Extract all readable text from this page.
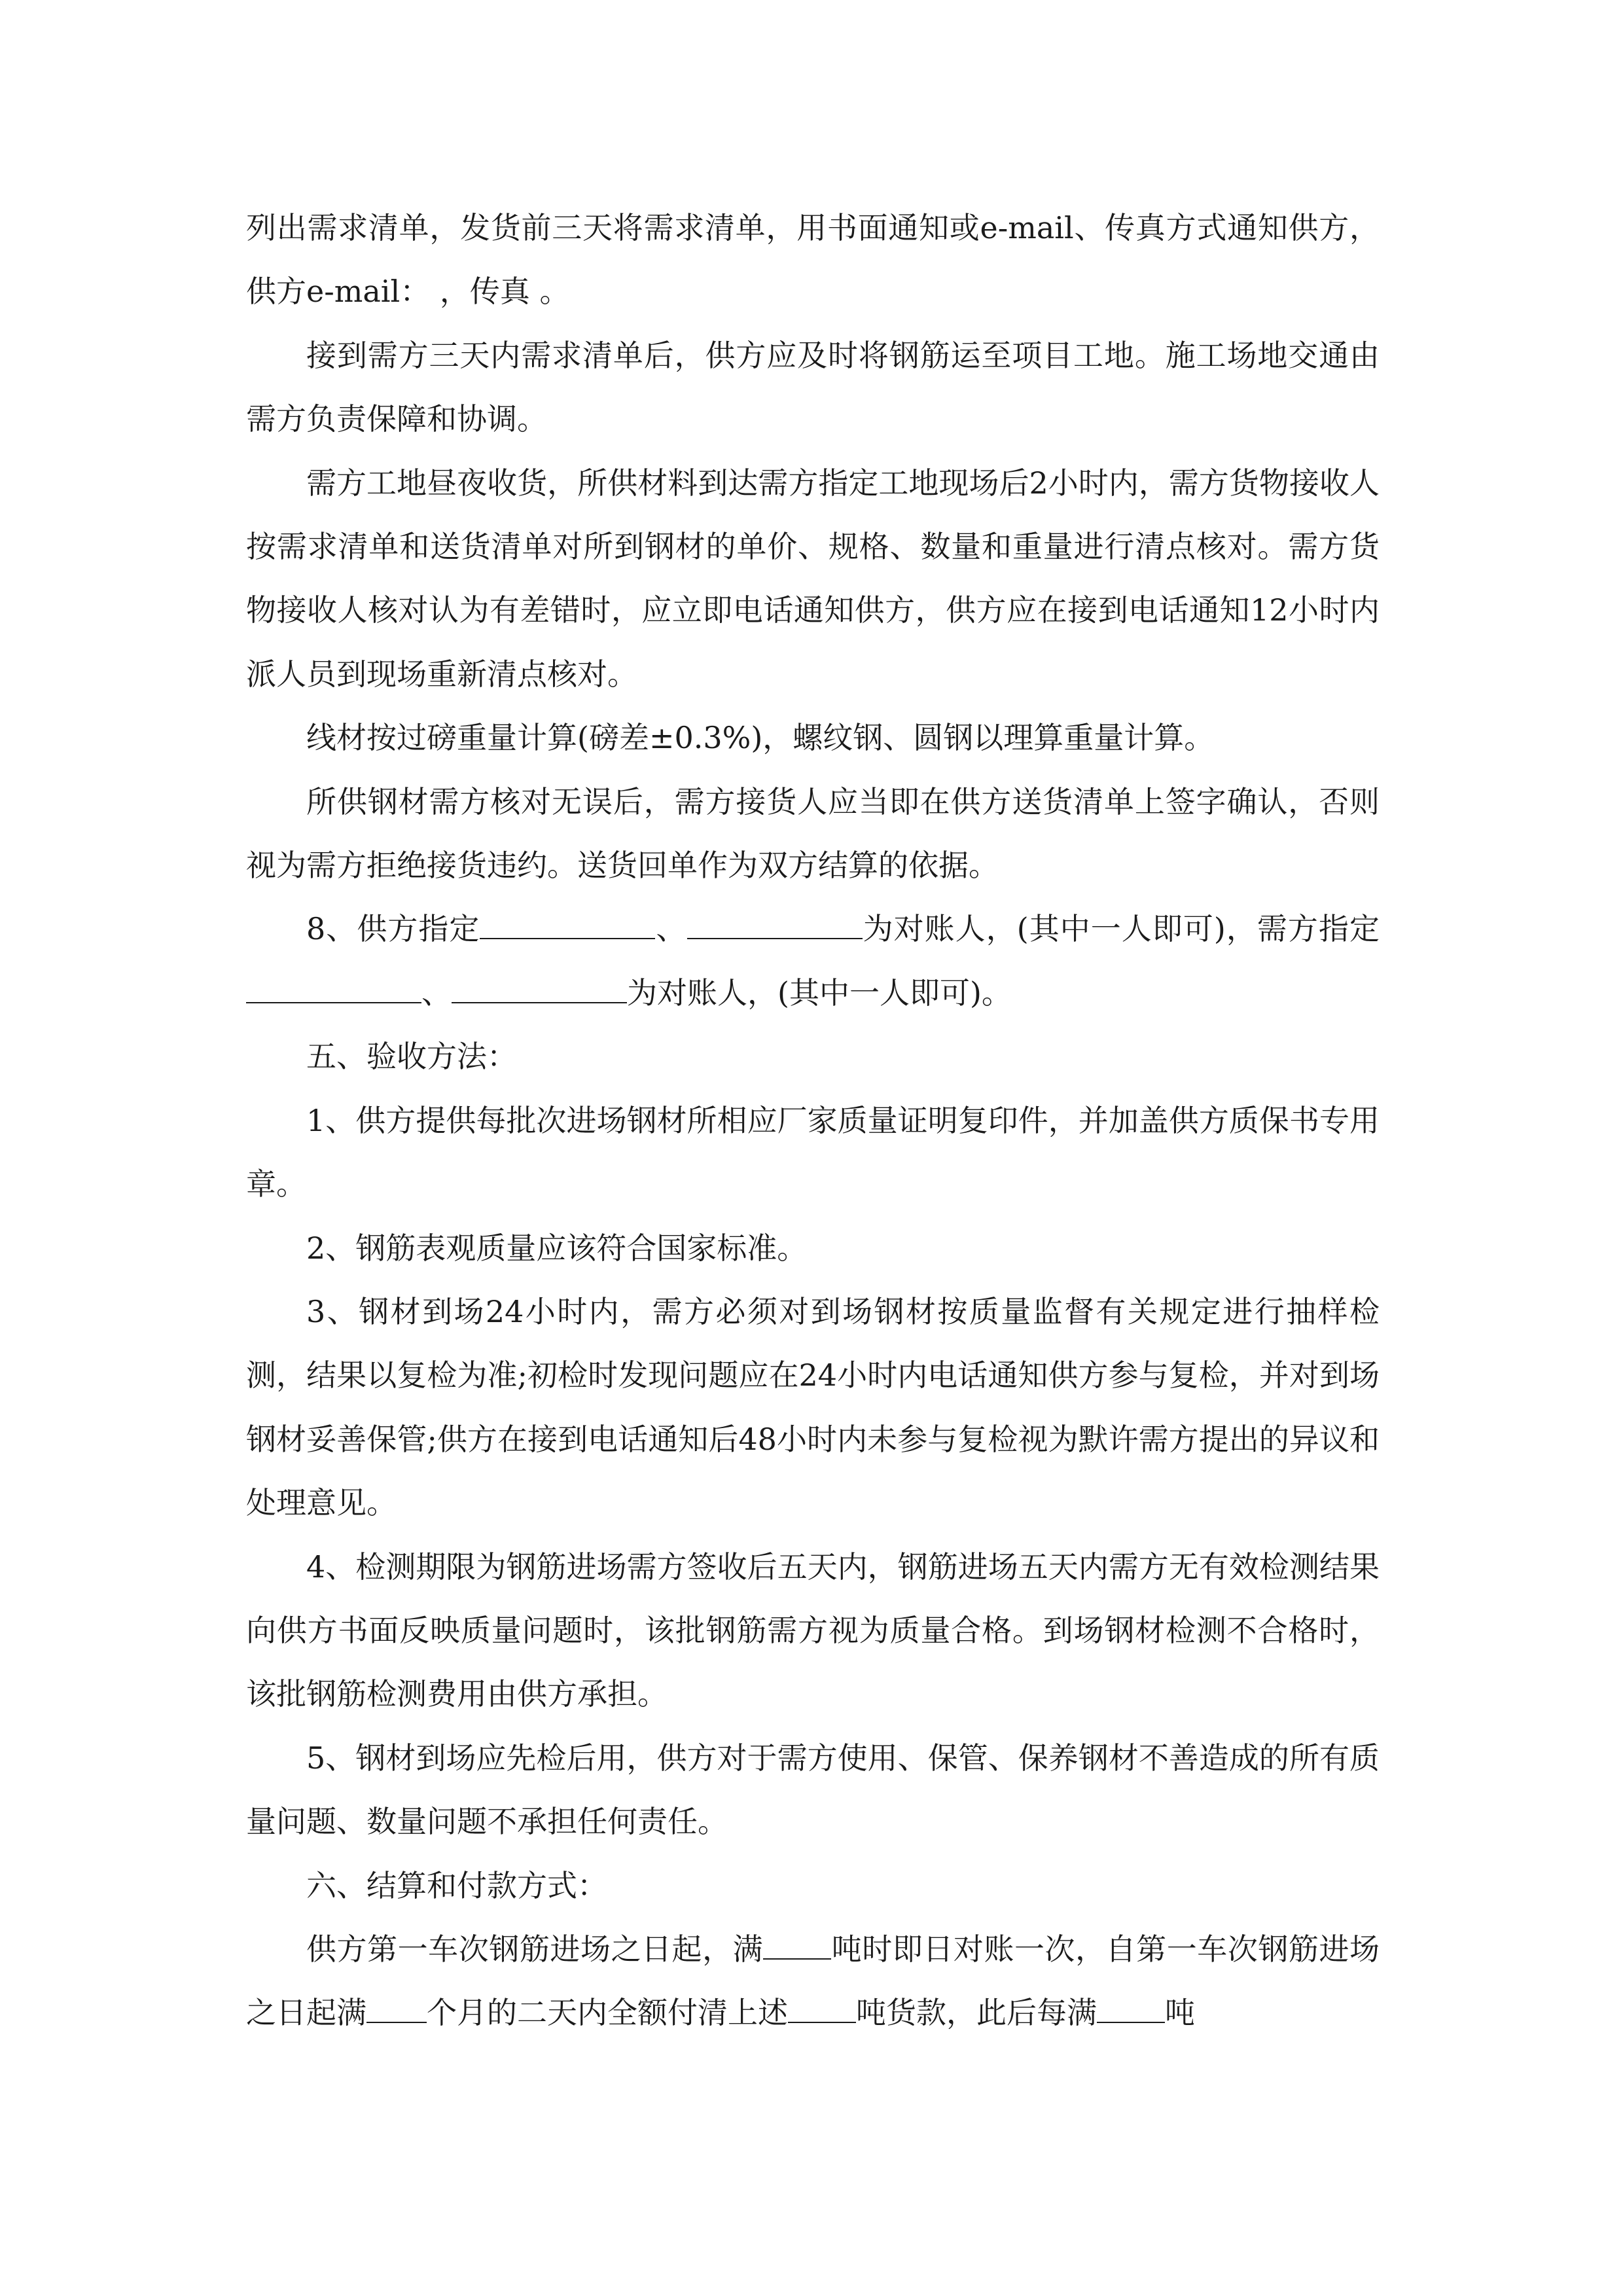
列出需求清单，发货前三天将需求清单，用书面通知或e-mail、传真方式通知供方，供方e-mail： ，传真 。

接到需方三天内需求清单后，供方应及时将钢筋运至项目工地。施工场地交通由需方负责保障和协调。

需方工地昼夜收货，所供材料到达需方指定工地现场后2小时内，需方货物接收人按需求清单和送货清单对所到钢材的单价、规格、数量和重量进行清点核对。需方货物接收人核对认为有差错时，应立即电话通知供方，供方应在接到电话通知12小时内派人员到现场重新清点核对。

线材按过磅重量计算(磅差±0.3%)，螺纹钢、圆钢以理算重量计算。

所供钢材需方核对无误后，需方接货人应当即在供方送货清单上签字确认，否则视为需方拒绝接货违约。送货回单作为双方结算的依据。

8、供方指定	、	为对账人，(其中一人即可)，需方指定、	为对账人，(其中一人即可)。

五、验收方法：

1、供方提供每批次进场钢材所相应厂家质量证明复印件，并加盖供方质保书专用章。

2、钢筋表观质量应该符合国家标准。

3、钢材到场24小时内，需方必须对到场钢材按质量监督有关规定进行抽样检测，结果以复检为准;初检时发现问题应在24小时内电话通知供方参与复检，并对到场钢材妥善保管;供方在接到电话通知后48小时内未参与复检视为默许需方提出的异议和处理意见。

4、检测期限为钢筋进场需方签收后五天内，钢筋进场五天内需方无有效检测结果向供方书面反映质量问题时，该批钢筋需方视为质量合格。到场钢材检测不合格时，该批钢筋检测费用由供方承担。

5、钢材到场应先检后用，供方对于需方使用、保管、保养钢材不善造成的所有质量问题、数量问题不承担任何责任。

六、结算和付款方式：

供方第一车次钢筋进场之日起，满 吨时即日对账一次，自第一车次钢筋进场之日起满 个月的二天内全额付清上述 吨货款，此后每满 吨
